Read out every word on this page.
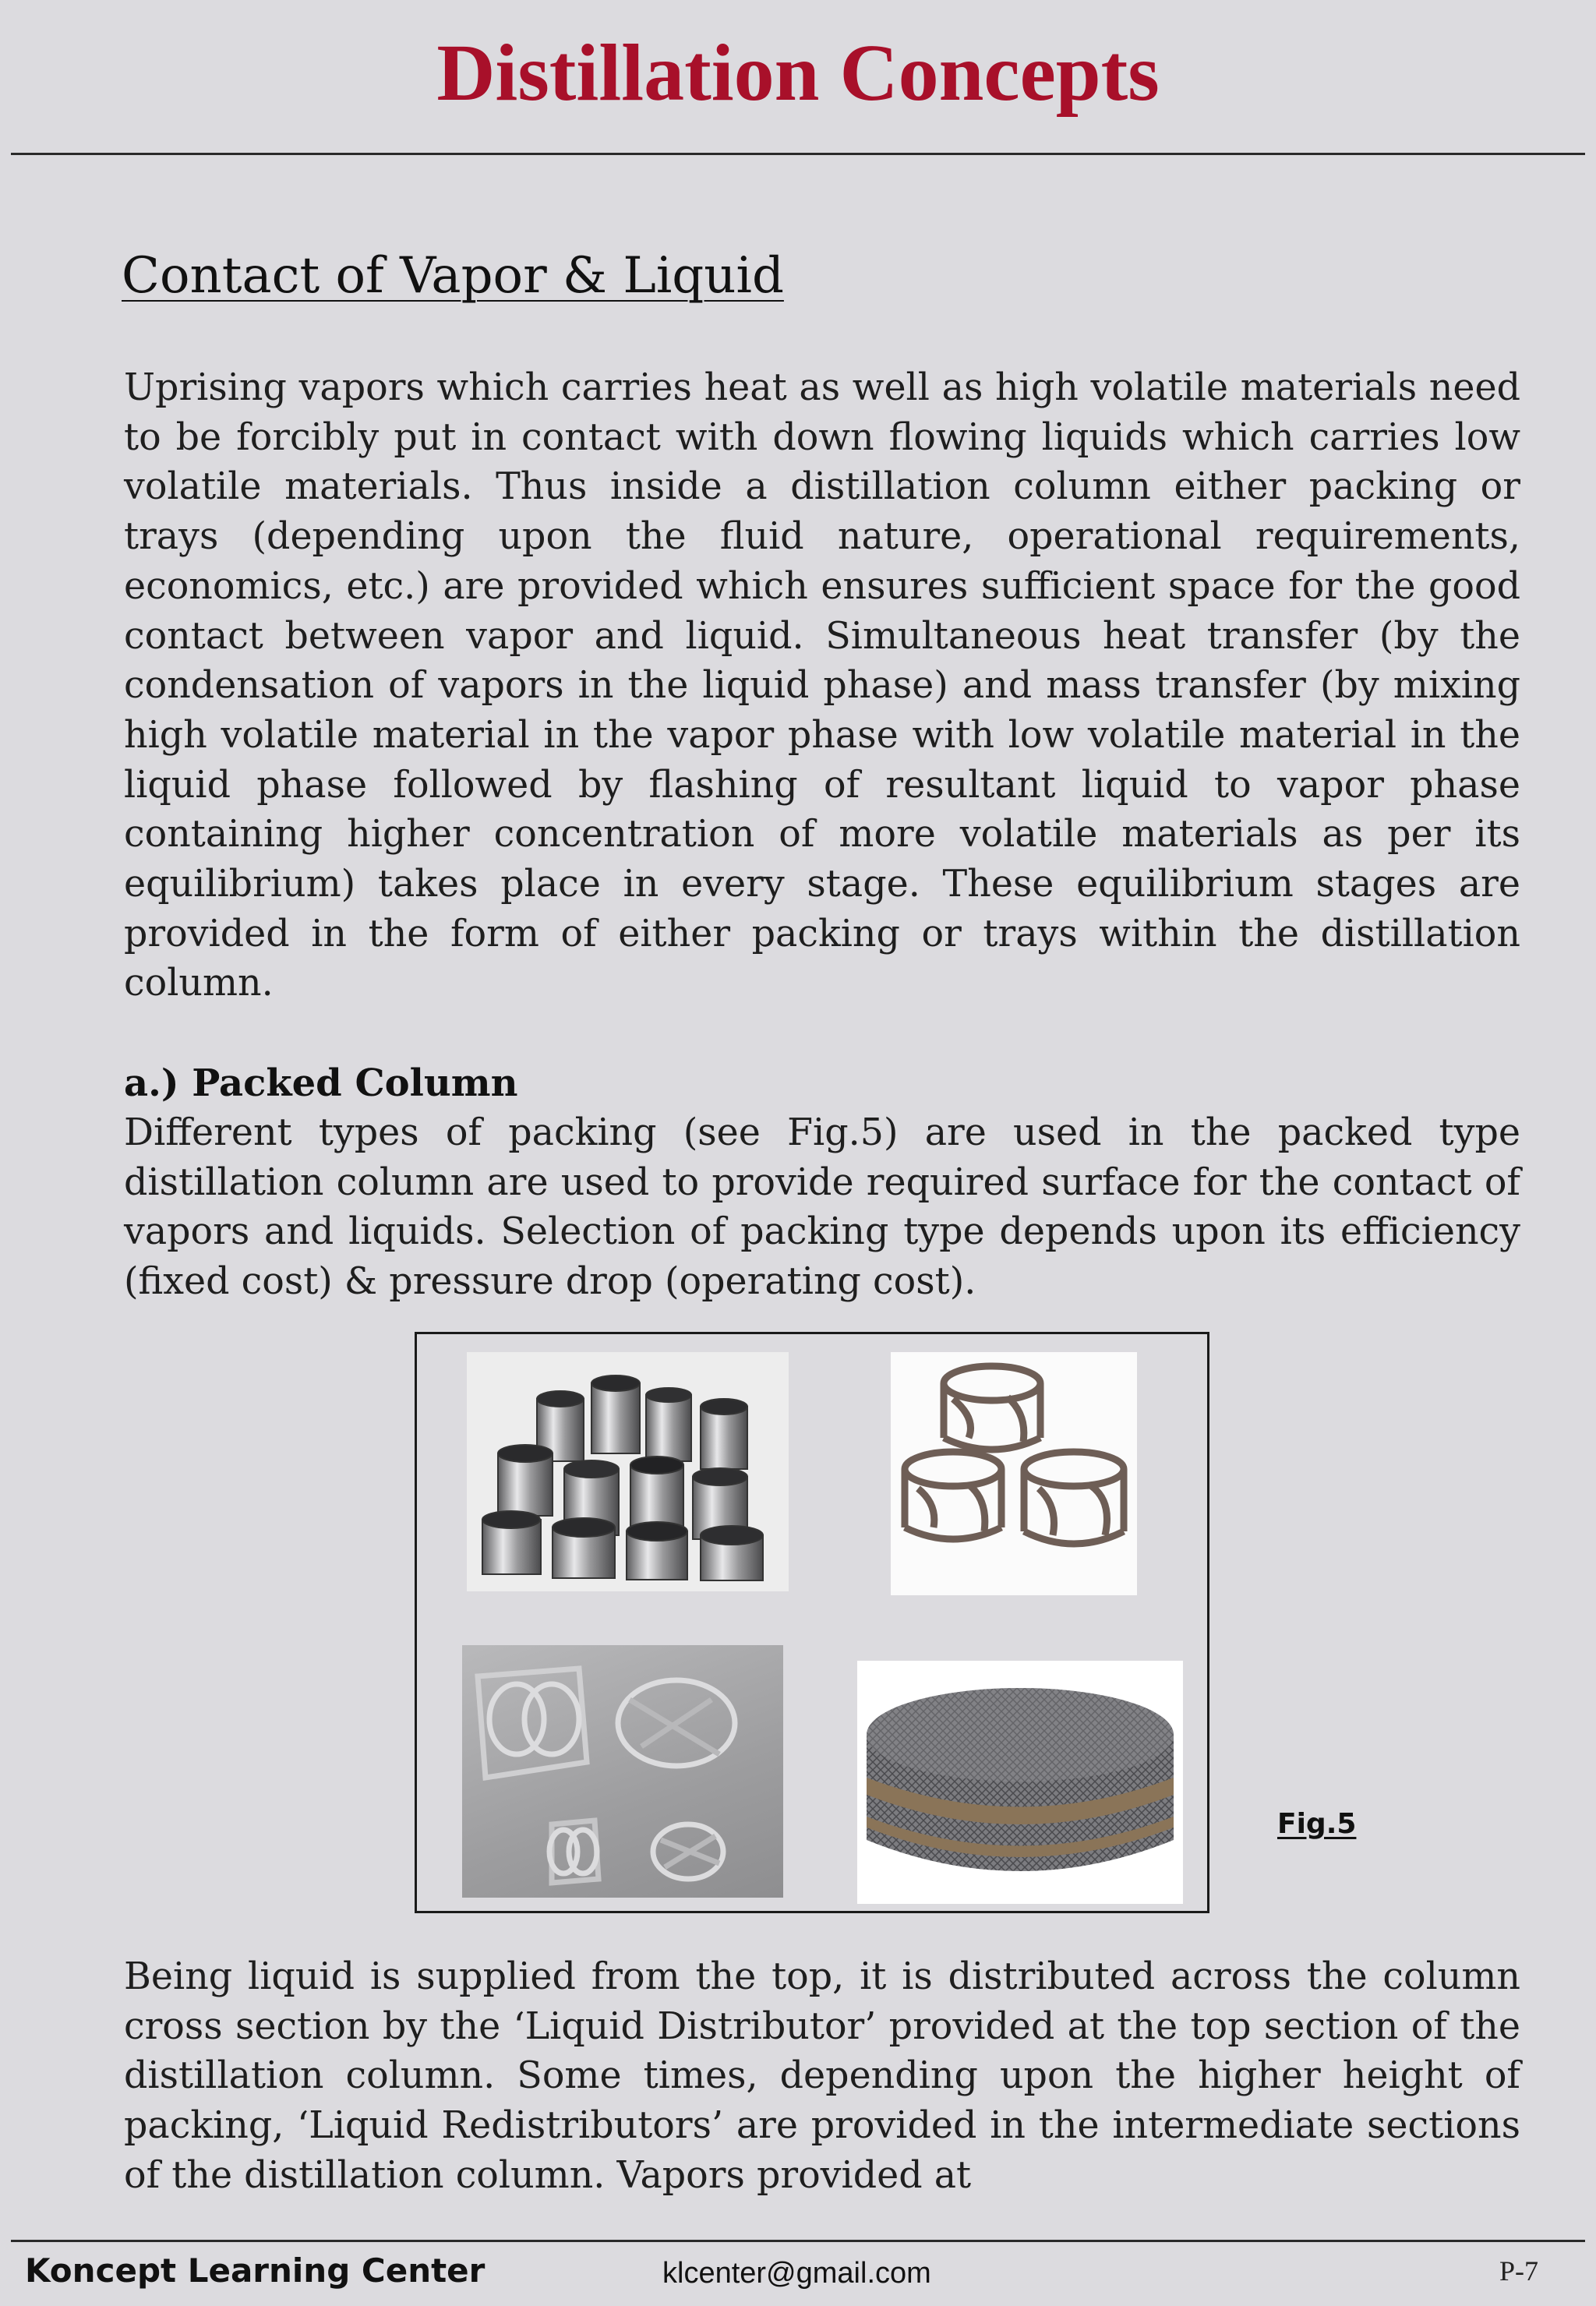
Distillation Concepts
Contact of Vapor & Liquid
Uprising vapors which carries heat as well as high volatile materials need to be forcibly put in contact with down flowing liquids which carries low volatile materials. Thus inside a distillation column either packing or trays (depending upon the fluid nature, operational requirements, economics, etc.) are provided which ensures sufficient space for the good contact between vapor and liquid. Simultaneous heat transfer (by the condensation of vapors in the liquid phase) and mass transfer (by mixing high volatile material in the vapor phase with low volatile material in the liquid phase followed by flashing of resultant liquid to vapor phase containing higher concentration of more volatile materials as per its equilibrium) takes place in every stage. These equilibrium stages are provided in the form of either packing or trays within the distillation column.
a.) Packed Column
Different types of packing (see Fig.5) are used in the packed type distillation column are used to provide required surface for the contact of vapors and liquids. Selection of packing type depends upon its efficiency (fixed cost) & pressure drop (operating cost).
Fig.5
Being liquid is supplied from the top, it is distributed across the column cross section by the ‘Liquid Distributor’ provided at the top section of the distillation column. Some times, depending upon the higher height of packing, ‘Liquid Redistributors’ are provided in the intermediate sections of the distillation column. Vapors provided at
Koncept Learning Center	klcenter@gmail.com	P-7
